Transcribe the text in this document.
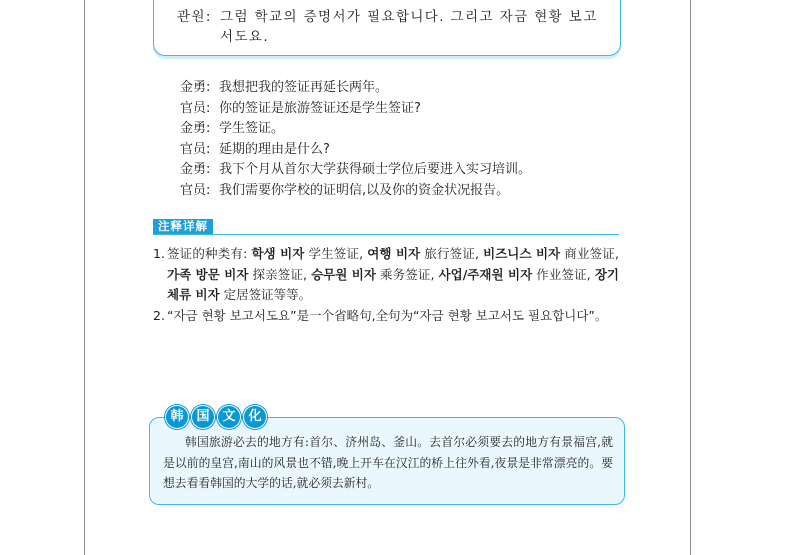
관원: 그럼 학교의 증명서가 필요합니다. 그리고 자금 현황 보고서도요.
金勇: 我想把我的签证再延长两年。
官员: 你的签证是旅游签证还是学生签证?
金勇: 学生签证。
官员: 延期的理由是什么?
金勇: 我下个月从首尔大学获得硕士学位后要进入实习培训。
官员: 我们需要你学校的证明信,以及你的资金状况报告。
注释详解
1. 签证的种类有: 학생 비자 学生签证, 여행 비자 旅行签证, 비즈니스 비자 商业签证, 가족 방문 비자 探亲签证, 승무원 비자 乘务签证, 사업/주재원 비자 作业签证, 장기 체류 비자 定居签证等等。
2. “자금 현황 보고서도요”是一个省略句,全句为“자금 현황 보고서도 필요합니다”。
韩 国 文 化

韩国旅游必去的地方有:首尔、济州岛、釜山。去首尔必须要去的地方有景福宫,就是以前的皇宫,南山的风景也不错,晚上开车在汉江的桥上往外看,夜景是非常漂亮的。要想去看看韩国的大学的话,就必须去新村。
